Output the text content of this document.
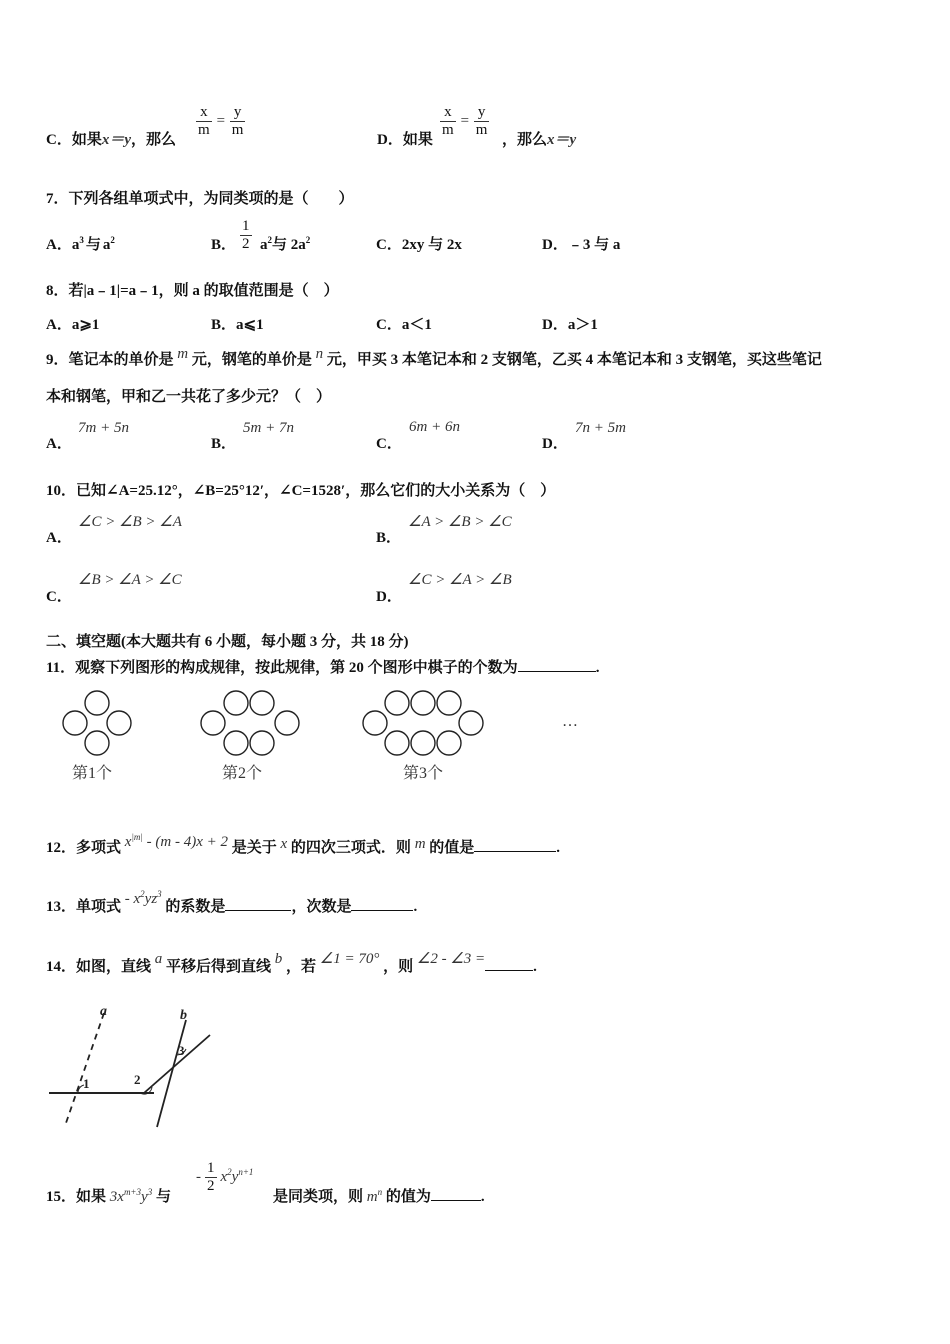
C．如果x＝y，那么
$\frac{x}{m} = \frac{y}{m}$
D．如果
$\frac{x}{m} = \frac{y}{m}$
，那么x＝y
7．下列各组单项式中，为同类项的是（　　）
A．$a^3$ 与 $a^2$	B． $\frac{1}{2} a^2$与 $2a^2$	C．2xy 与 2x	D．﹣3 与 a
8．若|a﹣1|=a﹣1，则 a 的取值范围是（　）
A．a⩾1	B．a⩽1	C．a＜1	D．a＞1
9．笔记本的单价是 m 元，钢笔的单价是 n 元，甲买 3 本笔记本和 2 支钢笔，乙买 4 本笔记本和 3 支钢笔，买这些笔记
本和钢笔，甲和乙一共花了多少元？（　）
A．
7m + 5n
B．
5m + 7n
C．
6m + 6n
D．
7n + 5m
10．已知∠A=25.12°，∠B=25°12′，∠C=1528′，那么它们的大小关系为（　）
A．
∠C > ∠B > ∠A
B．
∠A > ∠B > ∠C
C．
∠B > ∠A > ∠C
D．
∠C > ∠A > ∠B
二、填空题(本大题共有 6 小题，每小题 3 分，共 18 分)
11．观察下列图形的构成规律，按此规律，第 20 个图形中棋子的个数为	.
…
第1个	第2个	第3个
12．多项式 $x^{|m|} - (m - 4)x + 2$ 是关于 x 的四次三项式．则 m 的值是	.
13．单项式 - $x^2yz^3$ 的系数是	，次数是	.
14．如图，直线 a 平移后得到直线 b ，若 ∠1 = 70° ，则 ∠2 - ∠3 =	.
a	b
1	2
3
15．如果 $3x^{m+3}y^3$ 与
- $\frac{1}{2} x^2y^{n+1}$
是同类项，则 $m^n$ 的值为	.
